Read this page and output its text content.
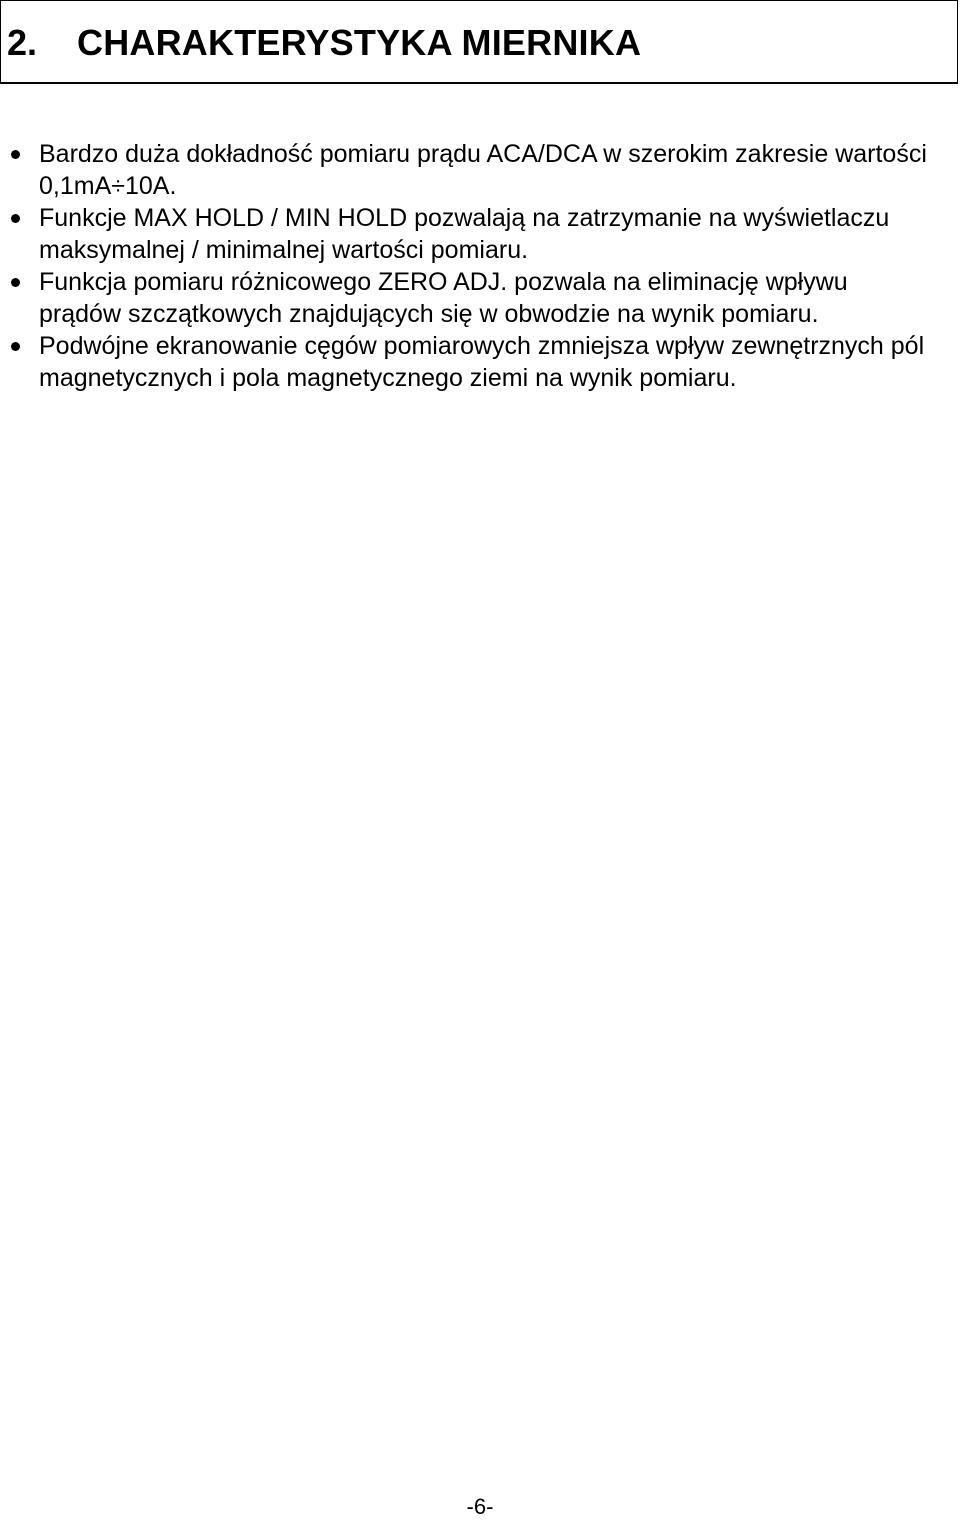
2. CHARAKTERYSTYKA MIERNIKA
Bardzo duża dokładność pomiaru prądu ACA/DCA w szerokim zakresie wartości 0,1mA÷10A.
Funkcje MAX HOLD / MIN HOLD pozwalają na zatrzymanie na wyświetlaczu maksymalnej / minimalnej wartości pomiaru.
Funkcja pomiaru różnicowego ZERO ADJ. pozwala na eliminację wpływu prądów szczątkowych znajdujących się w obwodzie na wynik pomiaru.
Podwójne ekranowanie cęgów pomiarowych zmniejsza wpływ zewnętrznych pól magnetycznych i pola magnetycznego ziemi na wynik pomiaru.
-6-
